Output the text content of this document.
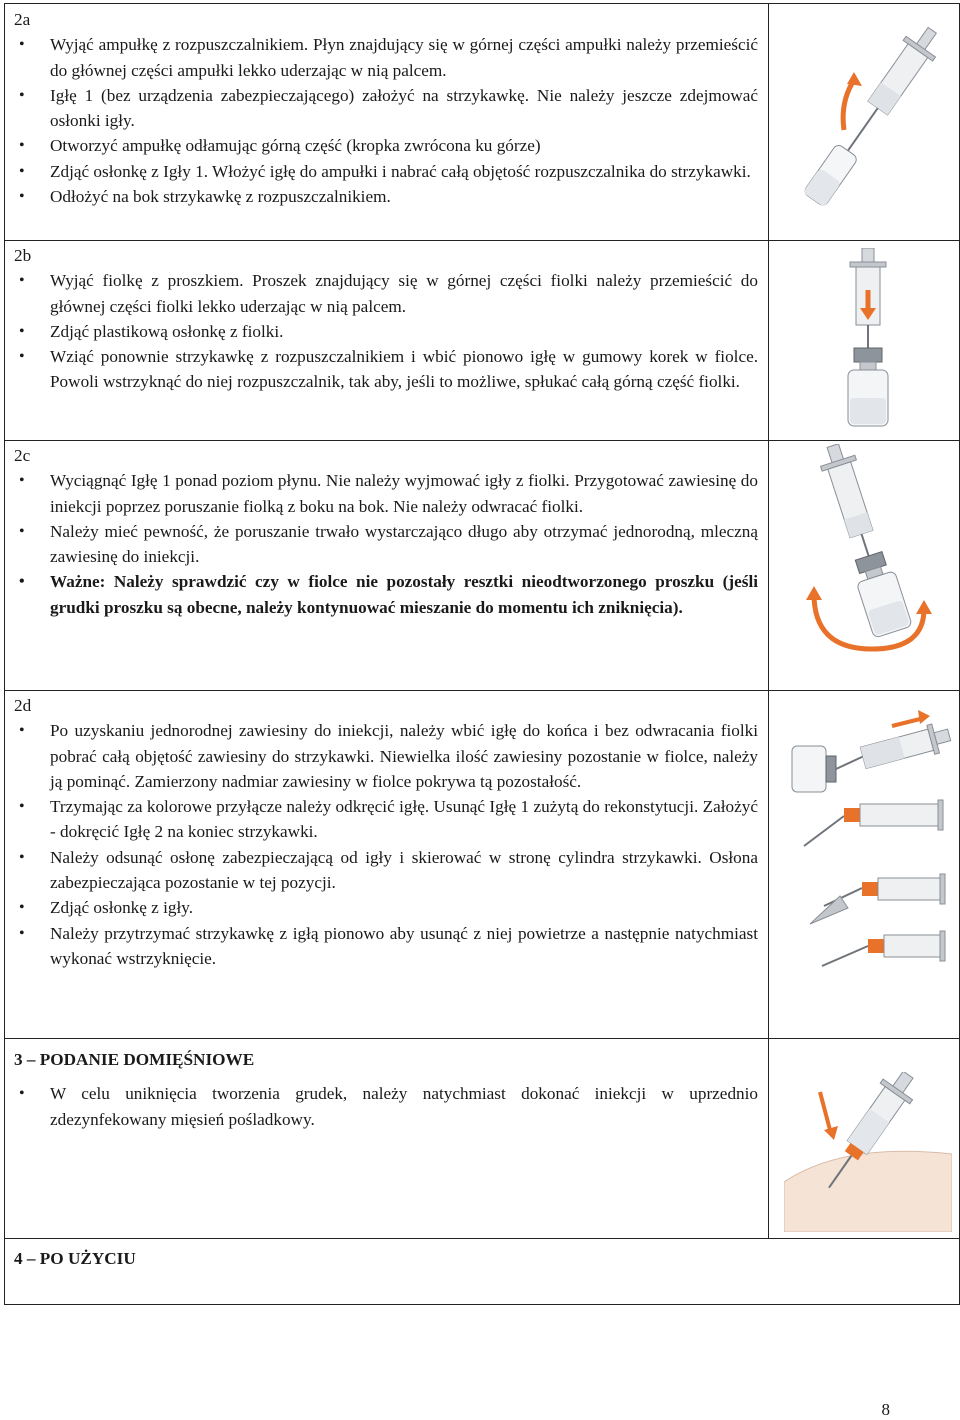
2a
• Wyjąć ampułkę z rozpuszczalnikiem. Płyn znajdujący się w górnej części ampułki należy przemieścić do głównej części ampułki lekko uderzając w nią palcem.
• Igłę 1 (bez urządzenia zabezpieczającego) założyć na strzykawkę. Nie należy jeszcze zdejmować osłonki igły.
• Otworzyć ampułkę odłamując górną część (kropka zwrócona ku górze)
• Zdjąć osłonkę z Igły 1. Włożyć igłę do ampułki i nabrać całą objętość rozpuszczalnika do strzykawki.
• Odłożyć na bok strzykawkę z rozpuszczalnikiem.
2b
• Wyjąć fiolkę z proszkiem. Proszek znajdujący się w górnej części fiolki należy przemieścić do głównej części fiolki lekko uderzając w nią palcem.
• Zdjąć plastikową osłonkę z fiolki.
• Wziąć ponownie strzykawkę z rozpuszczalnikiem i wbić pionowo igłę w gumowy korek w fiolce. Powoli wstrzyknąć do niej rozpuszczalnik, tak aby, jeśli to możliwe, spłukać całą górną część fiolki.
2c
• Wyciągnąć Igłę 1 ponad poziom płynu. Nie należy wyjmować igły z fiolki. Przygotować zawiesinę do iniekcji poprzez poruszanie fiolką z boku na bok. Nie należy odwracać fiolki.
• Należy mieć pewność, że poruszanie trwało wystarczająco długo aby otrzymać jednorodną, mleczną zawiesinę do iniekcji.
• Ważne: Należy sprawdzić czy w fiolce nie pozostały resztki nieodtworzonego proszku (jeśli grudki proszku są obecne, należy kontynuować mieszanie do momentu ich zniknięcia).
2d
• Po uzyskaniu jednorodnej zawiesiny do iniekcji, należy wbić igłę do końca i bez odwracania fiolki pobrać całą objętość zawiesiny do strzykawki. Niewielka ilość zawiesiny pozostanie w fiolce, należy ją pominąć. Zamierzony nadmiar zawiesiny w fiolce pokrywa tą pozostałość.
• Trzymając za kolorowe przyłącze należy odkręcić igłę. Usunąć Igłę 1 zużytą do rekonstytucji. Założyć - dokręcić Igłę 2 na koniec strzykawki.
• Należy odsunąć osłonę zabezpieczającą od igły i skierować w stronę cylindra strzykawki. Osłona zabezpieczająca pozostanie w tej pozycji.
• Zdjąć osłonkę z igły.
• Należy przytrzymać strzykawkę z igłą pionowo aby usunąć z niej powietrze a następnie natychmiast wykonać wstrzyknięcie.
3 – PODANIE DOMIĘŚNIOWE
• W celu uniknięcia tworzenia grudek, należy natychmiast dokonać iniekcji w uprzednio zdezynfekowany mięsień pośladkowy.
4 – PO UŻYCIU
8
